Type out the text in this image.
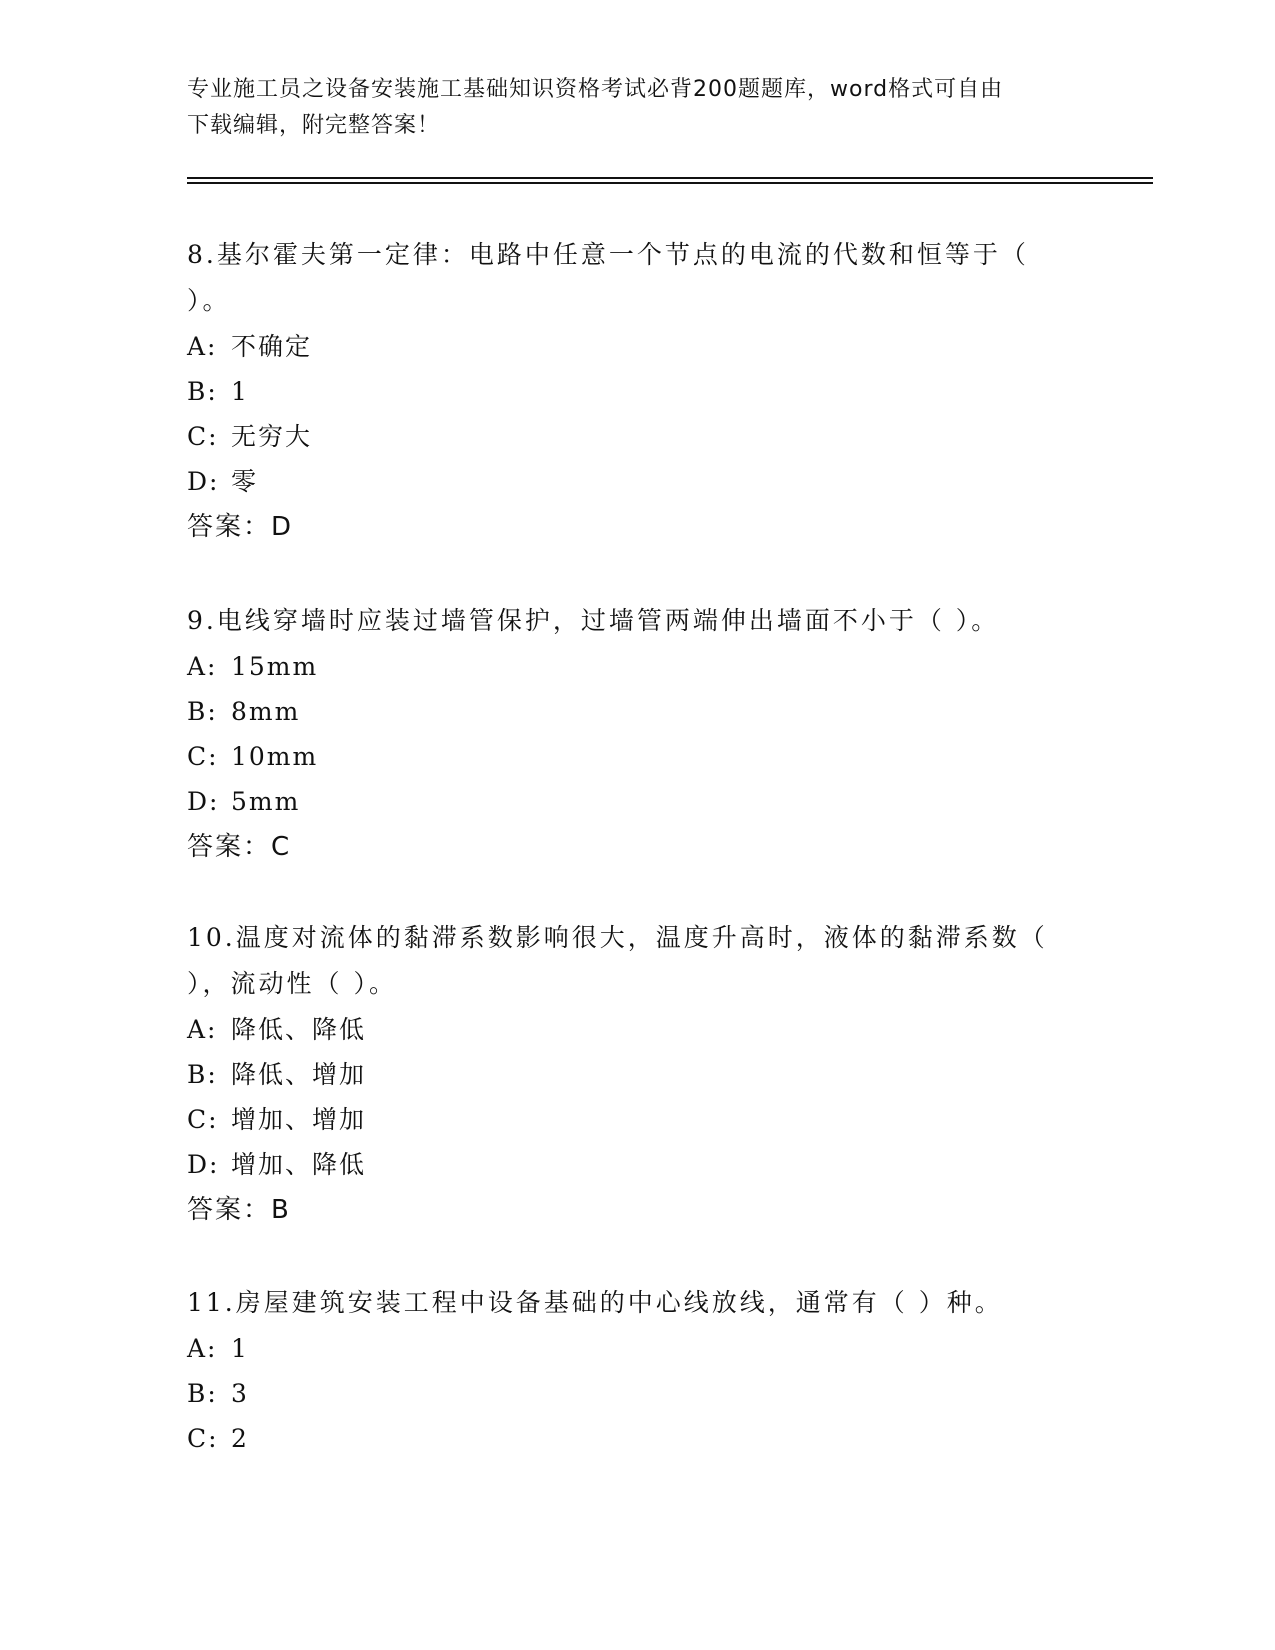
专业施工员之设备安装施工基础知识资格考试必背200题题库，word格式可自由
下载编辑，附完整答案！

8.基尔霍夫第一定律：电路中任意一个节点的电流的代数和恒等于（

）。

A: 不确定

B: 1

C: 无穷大

D: 零

答案：D

9.电线穿墙时应装过墙管保护，过墙管两端伸出墙面不小于（ ）。

A: 15mm

B: 8mm

C: 10mm

D: 5mm

答案：C

10.温度对流体的黏滞系数影响很大，温度升高时，液体的黏滞系数（

），流动性（ ）。

A: 降低、降低

B: 降低、增加

C: 增加、增加

D: 增加、降低

答案：B

11.房屋建筑安装工程中设备基础的中心线放线，通常有（ ）种。

A: 1

B: 3

C: 2
